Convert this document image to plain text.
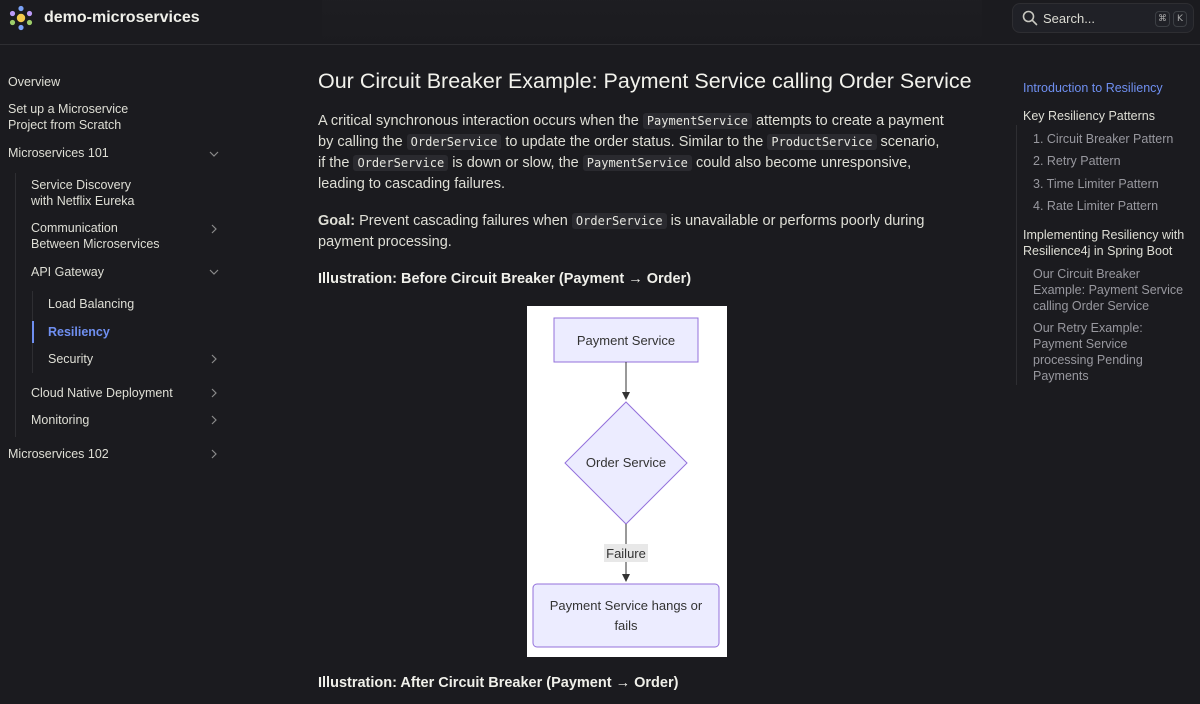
demo-microservices	Search...	⌘	K
Overview
Set up a Microservice
Project from Scratch
Microservices 101
Service Discovery
with Netflix Eureka
Communication
Between Microservices
API Gateway
Load Balancing
Resiliency
Security
Cloud Native Deployment
Monitoring
Microservices 102
Our Circuit Breaker Example: Payment Service calling Order Service
A critical synchronous interaction occurs when the PaymentService attempts to create a payment by calling the OrderService to update the order status. Similar to the ProductService scenario, if the OrderService is down or slow, the PaymentService could also become unresponsive, leading to cascading failures.
Goal: Prevent cascading failures when OrderService is unavailable or performs poorly during payment processing.
Illustration: Before Circuit Breaker (Payment → Order)
Payment Service
Order Service
Failure
Payment Service hangs or
fails
Illustration: After Circuit Breaker (Payment → Order)
Introduction to Resiliency
Key Resiliency Patterns
1. Circuit Breaker Pattern
2. Retry Pattern
3. Time Limiter Pattern
4. Rate Limiter Pattern
Implementing Resiliency with
Resilience4j in Spring Boot
Our Circuit Breaker
Example: Payment Service
calling Order Service
Our Retry Example:
Payment Service
processing Pending
Payments
